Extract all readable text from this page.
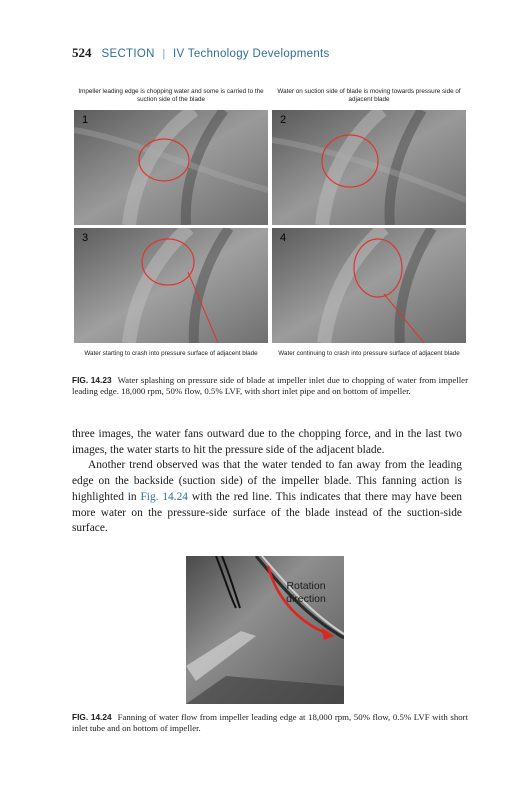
524 SECTION | IV Technology Developments
Impeller leading edge is chopping water and some is carried to the suction side of the blade
Water on suction side of blade is moving towards pressure side of adjacent blade
1	2
3	4
Water starting to crash into pressure surface of adjacent blade	Water continuing to crash into pressure surface of adjacent blade
FIG. 14.23 Water splashing on pressure side of blade at impeller inlet due to chopping of water from impeller leading edge. 18,000 rpm, 50% flow, 0.5% LVF, with short inlet pipe and on bottom of impeller.

three images, the water fans outward due to the chopping force, and in the last two images, the water starts to hit the pressure side of the adjacent blade.

Another trend observed was that the water tended to fan away from the leading edge on the backside (suction side) of the impeller blade. This fanning action is highlighted in Fig. 14.24 with the red line. This indicates that there may have been more water on the pressure-side surface of the blade instead of the suction-side surface.

Rotation direction
FIG. 14.24 Fanning of water flow from impeller leading edge at 18,000 rpm, 50% flow, 0.5% LVF with short inlet tube and on bottom of impeller.
